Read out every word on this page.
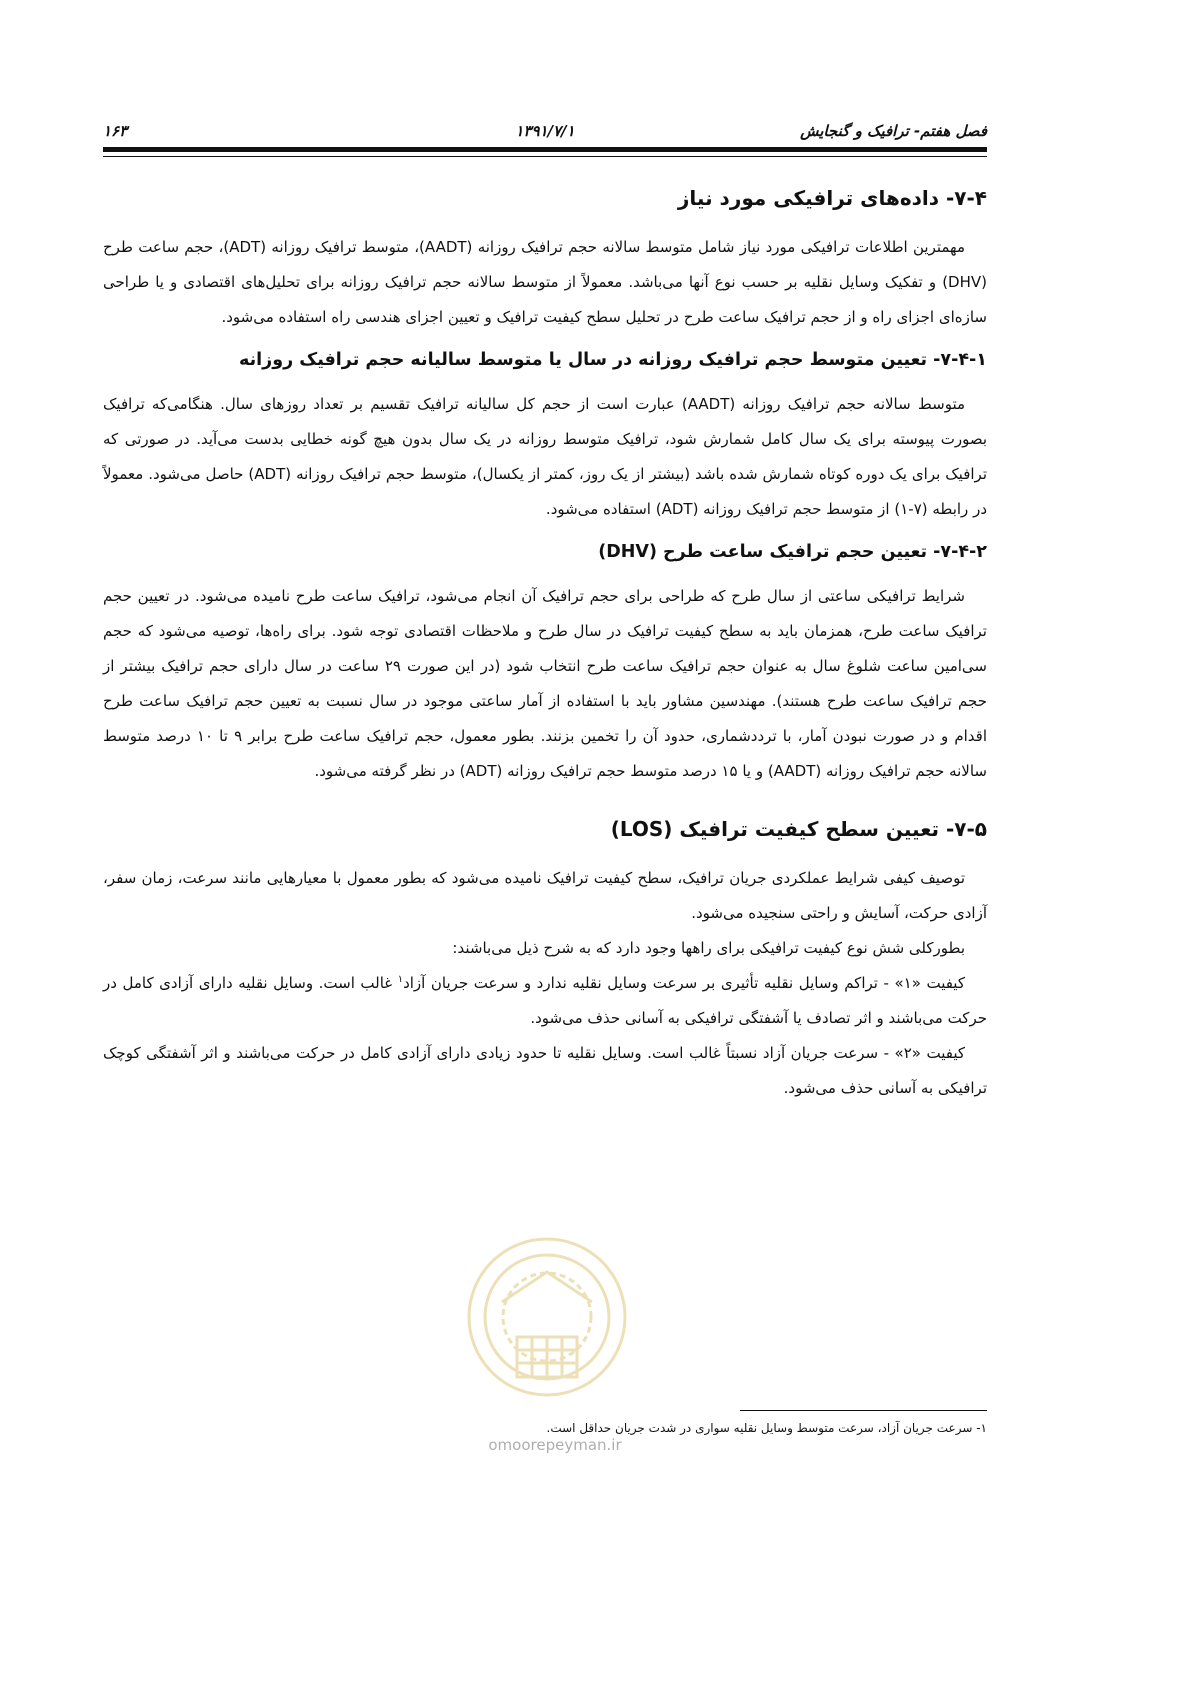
فصل هفتم- ترافیک و گنجایش
۱۳۹۱/۷/۱
۱۶۳
۷-۴- داده‌های ترافیکی مورد نیاز

مهمترین اطلاعات ترافیکی مورد نیاز شامل متوسط سالانه حجم ترافیک روزانه (AADT)، متوسط ترافیک روزانه (ADT)، حجم ساعت طرح (DHV) و تفکیک وسایل نقلیه بر حسب نوع آنها می‌باشد. معمولاً از متوسط سالانه حجم ترافیک روزانه برای تحلیل‌های اقتصادی و یا طراحی سازه‌ای اجزای راه و از حجم ترافیک ساعت طرح در تحلیل سطح کیفیت ترافیک و تعیین اجزای هندسی راه استفاده می‌شود.

۷-۴-۱- تعیین متوسط حجم ترافیک روزانه در سال یا متوسط سالیانه حجم ترافیک روزانه

متوسط سالانه حجم ترافیک روزانه (AADT) عبارت است از حجم کل سالیانه ترافیک تقسیم بر تعداد روزهای سال. هنگامی‌که ترافیک بصورت پیوسته برای یک سال کامل شمارش شود، ترافیک متوسط روزانه در یک سال بدون هیچ گونه خطایی بدست می‌آید. در صورتی که ترافیک برای یک دوره کوتاه شمارش شده باشد (بیشتر از یک روز، کمتر از یکسال)، متوسط حجم ترافیک روزانه (ADT) حاصل می‌شود. معمولاً در رابطه (۷-۱) از متوسط حجم ترافیک روزانه (ADT) استفاده می‌شود.

۷-۴-۲- تعیین حجم ترافیک ساعت طرح (DHV)

شرایط ترافیکی ساعتی از سال طرح که طراحی برای حجم ترافیک آن انجام می‌شود، ترافیک ساعت طرح نامیده می‌شود. در تعیین حجم ترافیک ساعت طرح، همزمان باید به سطح کیفیت ترافیک در سال طرح و ملاحظات اقتصادی توجه شود. برای راه‌ها، توصیه می‌شود که حجم سی‌امین ساعت شلوغ سال به عنوان حجم ترافیک ساعت طرح انتخاب شود (در این صورت ۲۹ ساعت در سال دارای حجم ترافیک بیشتر از حجم ترافیک ساعت طرح هستند). مهندسین مشاور باید با استفاده از آمار ساعتی موجود در سال نسبت به تعیین حجم ترافیک ساعت طرح اقدام و در صورت نبودن آمار، با تردد‌شماری، حدود آن را تخمین بزنند. بطور معمول، حجم ترافیک ساعت طرح برابر ۹ تا ۱۰ درصد متوسط سالانه حجم ترافیک روزانه (AADT) و یا ۱۵ درصد متوسط حجم ترافیک روزانه (ADT) در نظر گرفته می‌شود.

۷-۵- تعیین سطح کیفیت ترافیک (LOS)

توصیف کیفی شرایط عملکردی جریان ترافیک، سطح کیفیت ترافیک نامیده می‌شود که بطور معمول با معیارهایی مانند سرعت، زمان سفر، آزادی حرکت، آسایش و راحتی سنجیده می‌شود.

بطورکلی شش نوع کیفیت ترافیکی برای راهها وجود دارد که به شرح ذیل می‌باشند:

کیفیت «۱» - تراکم وسایل نقلیه تأثیری بر سرعت وسایل نقلیه ندارد و سرعت جریان آزاد$^۱$ غالب است. وسایل نقلیه دارای آزادی کامل در حرکت می‌باشند و اثر تصادف یا آشفتگی ترافیکی به آسانی حذف می‌شود.

کیفیت «۲» - سرعت جریان آزاد نسبتاً غالب است. وسایل نقلیه تا حدود زیادی دارای آزادی کامل در حرکت می‌باشند و اثر آشفتگی کوچک ترافیکی به آسانی حذف می‌شود.

۱- سرعت جریان آزاد، سرعت متوسط وسایل نقلیه سواری در شدت جریان حداقل است.
omoorepeyman.ir
